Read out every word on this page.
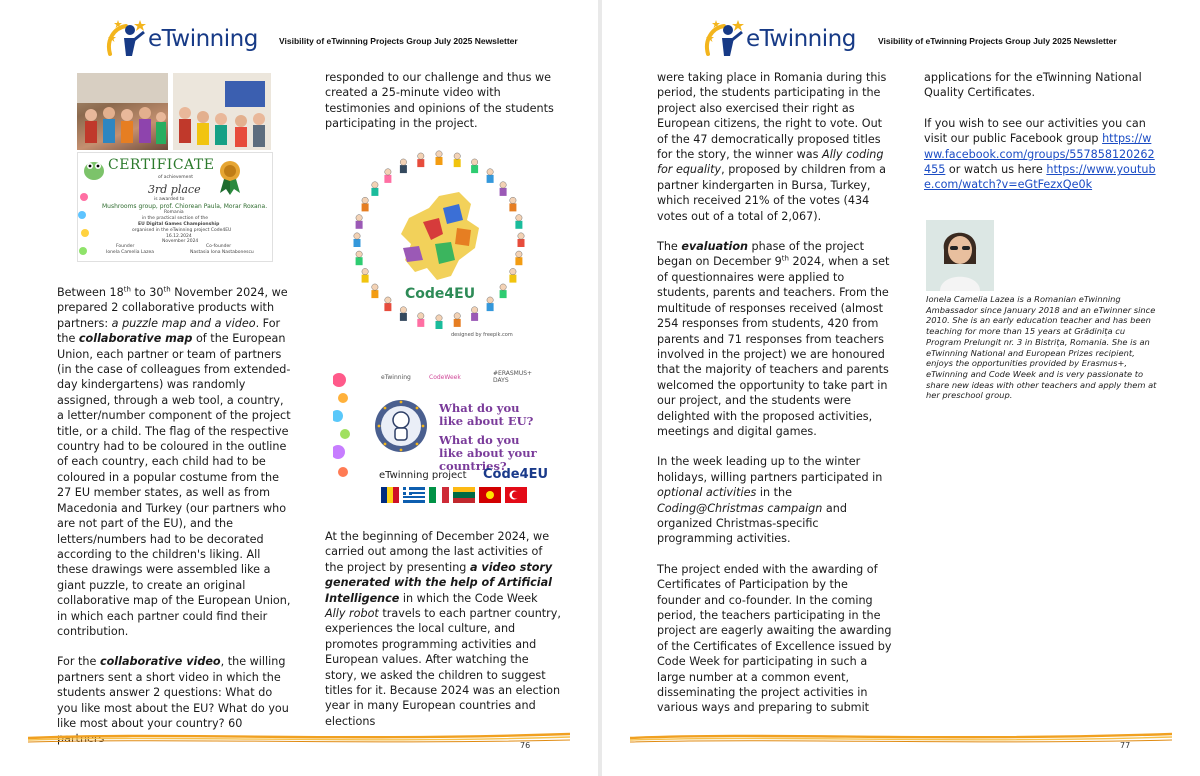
eTwinning Visibility of eTwinning Projects Group July 2025 Newsletter
CERTIFICATE
of achievement
3rd place
is awarded to
Mushrooms group, prof. Chiorean Paula, Morar Roxana.
Romania
in the practical section of the
EU Digital Games Championship
organised in the eTwinning project Code4EU
16.12.2024
November 2024
Founder
Ionela Camelia Lazea
Co-founder
Nastasia Iona Nastabonescu

Between 18th to 30th November 2024, we prepared 2 collaborative products with partners: a puzzle map and a video. For the collaborative map of the European Union, each partner or team of partners (in the case of colleagues from extended-day kindergartens) was randomly assigned, through a web tool, a country, a letter/number component of the project title, or a child. The flag of the respective country had to be coloured in the outline of each country, each child had to be coloured in a popular costume from the 27 EU member states, as well as from Macedonia and Turkey (our partners who are not part of the EU), and the letters/numbers had to be decorated according to the children's liking. All these drawings were assembled like a giant puzzle, to create an original collaborative map of the European Union, in which each partner could find their contribution.

For the collaborative video, the willing partners sent a short video in which the students answer 2 questions: What do you like most about the EU? What do you like most about your country? 60 partners

responded to our challenge and thus we created a 25-minute video with testimonies and opinions of the students participating in the project.

Code4EU
designed by freepik.com
eTwinning	CodeWeek
#ERASMUS+ DAYS
What do you like about EU?
What do you like about your countries?
eTwinning project Code4EU

At the beginning of December 2024, we carried out among the last activities of the project by presenting a video story generated with the help of Artificial Intelligence in which the Code Week Ally robot travels to each partner country, experiences the local culture, and promotes programming activities and European values. After watching the story, we asked the children to suggest titles for it. Because 2024 was an election year in many European countries and elections

76
eTwinning	Visibility of eTwinning Projects Group July 2025 Newsletter

were taking place in Romania during this period, the students participating in the project also exercised their right as European citizens, the right to vote. Out of the 47 democratically proposed titles for the story, the winner was Ally coding for equality, proposed by children from a partner kindergarten in Bursa, Turkey, which received 21% of the votes (434 votes out of a total of 2,067).

The evaluation phase of the project began on December 9th 2024, when a set of questionnaires were applied to students, parents and teachers. From the multitude of responses received (almost 254 responses from students, 420 from parents and 71 responses from teachers involved in the project) we are honoured that the majority of teachers and parents welcomed the opportunity to take part in our project, and the students were delighted with the proposed activities, meetings and digital games.

In the week leading up to the winter holidays, willing partners participated in optional activities in the Coding@Christmas campaign and organized Christmas-specific programming activities.

The project ended with the awarding of Certificates of Participation by the founder and co-founder. In the coming period, the teachers participating in the project are eagerly awaiting the awarding of the Certificates of Excellence issued by Code Week for participating in such a large number at a common event, disseminating the project activities in various ways and preparing to submit

applications for the eTwinning National Quality Certificates.

If you wish to see our activities you can visit our public Facebook group https://www.facebook.com/groups/557858120262455 or watch us here https://www.youtube.com/watch?v=eGtFezxQe0k

Ionela Camelia Lazea is a Romanian eTwinning Ambassador since January 2018 and an eTwinner since 2010. She is an early education teacher and has been teaching for more than 15 years at Grădinița cu Program Prelungit nr. 3 in Bistrița, Romania. She is an eTwinning National and European Prizes recipient, enjoys the opportunities provided by Erasmus+, eTwinning and Code Week and is very passionate to share new ideas with other teachers and apply them at her preschool group.
77
